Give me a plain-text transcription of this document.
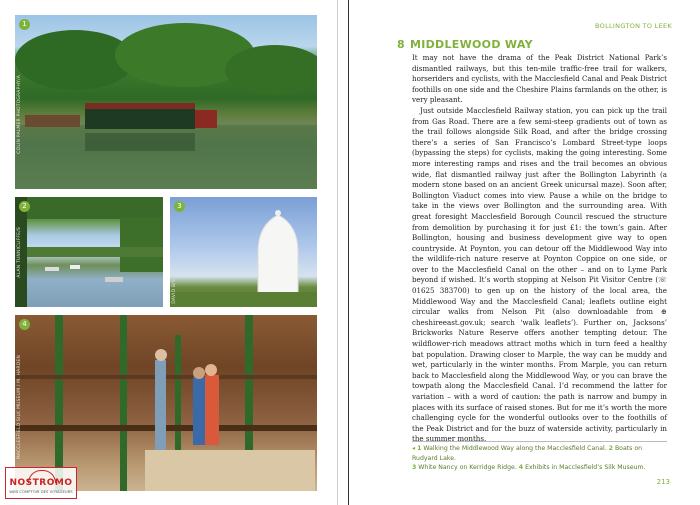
1
COLIN PALMER PHOTOGRAPHY/A
2
ALAN TUNNICLIFFE/S
3
DAVID B/S
4
MACCLESFIELD SILK MUSEUM / M. HARDEN
NOSTROMO
WEB COMPTOIR DES VOYAGEURS
BOLLINGTON TO LEEK
8 MIDDLEWOOD WAY

It may not have the drama of the Peak District National Park’s dismantled railways, but this ten-mile traffic-free trail for walkers, horseriders and cyclists, with the Macclesfield Canal and Peak District foothills on one side and the Cheshire Plains farmlands on the other, is very pleasant.

Just outside Macclesfield Railway station, you can pick up the trail from Gas Road. There are a few semi-steep gradients out of town as the trail follows alongside Silk Road, and after the bridge crossing there’s a series of San Francisco’s Lombard Street-type loops (bypassing the steps) for cyclists, making the going interesting. Some more interesting ramps and rises and the trail becomes an obvious wide, flat dismantled railway just after the Bollington Labyrinth (a modern stone based on an ancient Greek unicursal maze). Soon after, Bollington Viaduct comes into view. Pause a while on the bridge to take in the views over Bollington and the surrounding area. With great foresight Macclesfield Borough Council rescued the structure from demolition by purchasing it for just £1: the town’s gain. After Bollington, housing and business development give way to open countryside. At Poynton, you can detour off the Middlewood Way into the wildlife-rich nature reserve at Poynton Coppice on one side, or over to the Macclesfield Canal on the other – and on to Lyme Park beyond if wished. It’s worth stopping at Nelson Pit Visitor Centre (☏ 01625 383700) to gen up on the history of the local area, the Middlewood Way and the Macclesfield Canal; leaflets outline eight circular walks from Nelson Pit (also downloadable from ⊕ cheshireeast.gov.uk; search ‘walk leaflets’). Further on, Jacksons’ Brickworks Nature Reserve offers another tempting detour. The wildflower-rich meadows attract moths which in turn feed a healthy bat population. Drawing closer to Marple, the way can be muddy and wet, particularly in the winter months. From Marple, you can return back to Macclesfield along the Middlewood Way, or you can brave the towpath along the Macclesfield Canal. I’d recommend the latter for variation – with a word of caution: the path is narrow and bumpy in places with its surface of raised stones. But for me it’s worth the more challenging cycle for the wonderful outlooks over to the foothills of the Peak District and for the buzz of waterside activity, particularly in the summer months.

◂ 1 Walking the Middlewood Way along the Macclesfield Canal. 2 Boats on Rudyard Lake.
3 White Nancy on Kerridge Ridge. 4 Exhibits in Macclesfield’s Silk Museum.
213
